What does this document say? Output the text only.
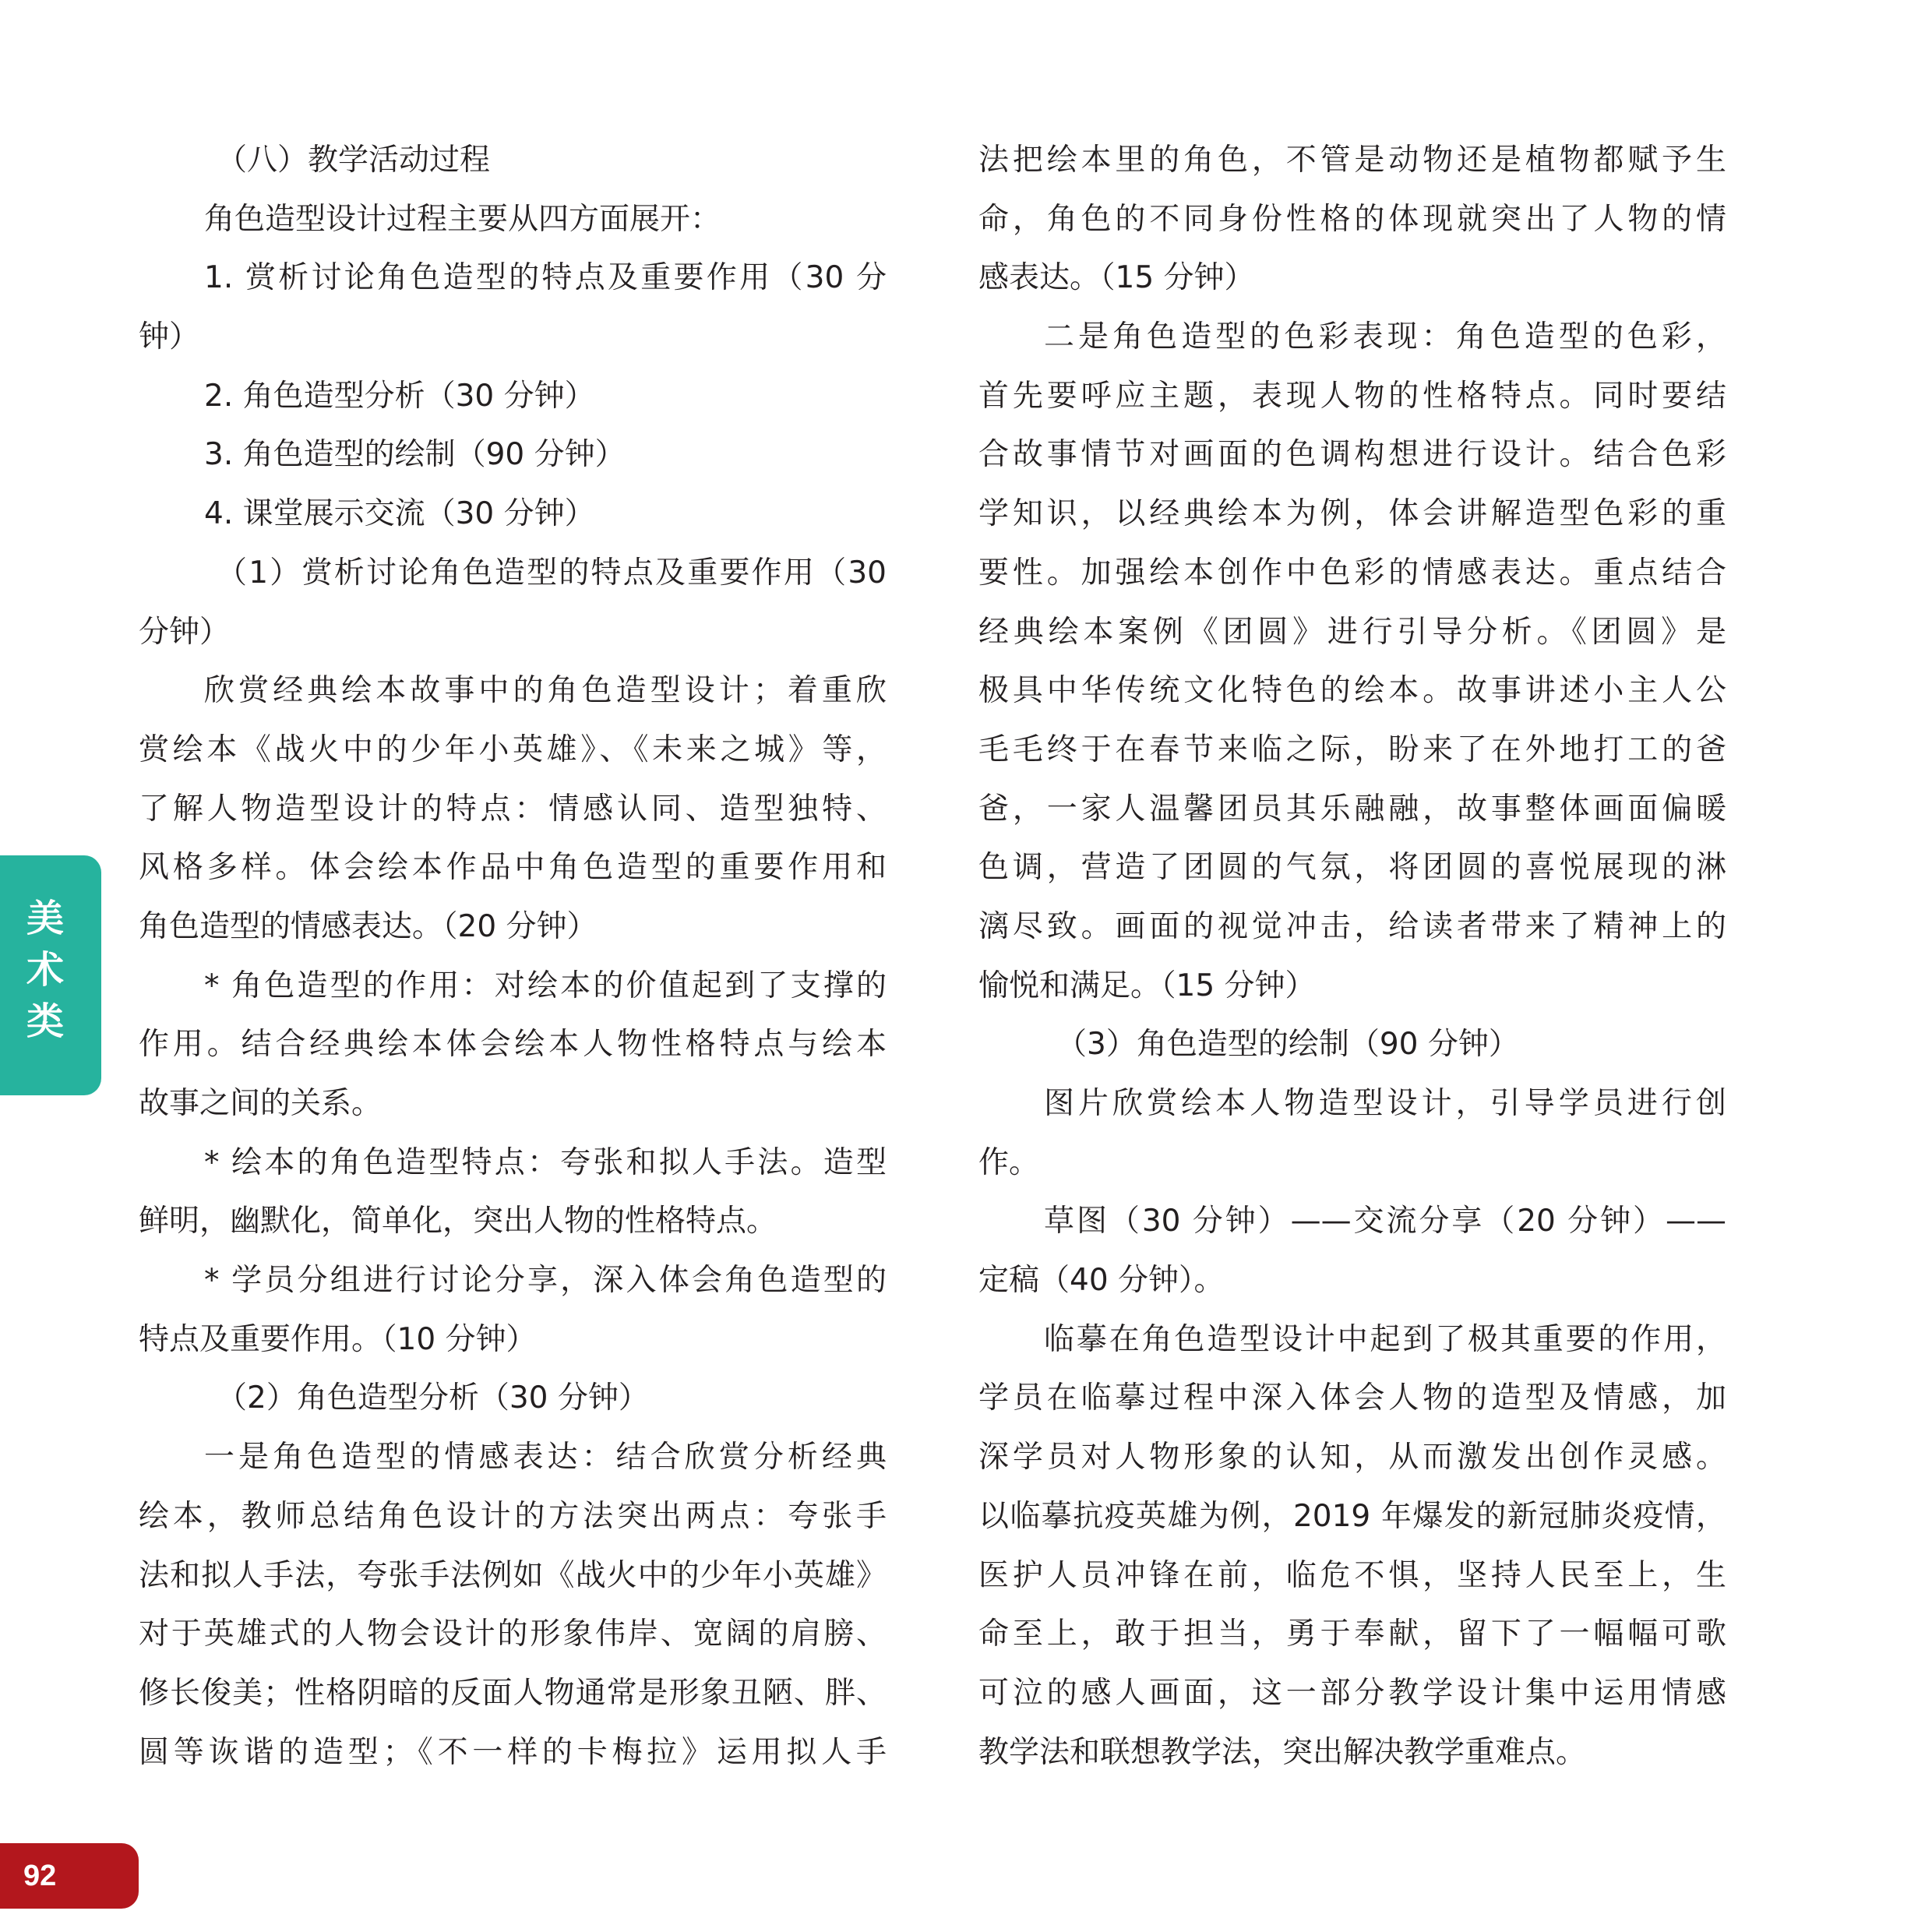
（八）教学活动过程
角色造型设计过程主要从四方面展开：
1. 赏析讨论角色造型的特点及重要作用（30 分
钟）
2. 角色造型分析（30 分钟）
3. 角色造型的绘制（90 分钟）
4. 课堂展示交流（30 分钟）
（1）赏析讨论角色造型的特点及重要作用（30
分钟）
欣赏经典绘本故事中的角色造型设计；着重欣
赏绘本《战火中的少年小英雄》、《未来之城》等，
了解人物造型设计的特点：情感认同、造型独特、
风格多样。体会绘本作品中角色造型的重要作用和
角色造型的情感表达。（20 分钟）
* 角色造型的作用：对绘本的价值起到了支撑的
作用。结合经典绘本体会绘本人物性格特点与绘本
故事之间的关系。
* 绘本的角色造型特点：夸张和拟人手法。造型
鲜明，幽默化，简单化，突出人物的性格特点。
* 学员分组进行讨论分享，深入体会角色造型的
特点及重要作用。（10 分钟）
（2）角色造型分析（30 分钟）
一是角色造型的情感表达：结合欣赏分析经典
绘本，教师总结角色设计的方法突出两点：夸张手
法和拟人手法，夸张手法例如《战火中的少年小英雄》
对于英雄式的人物会设计的形象伟岸、宽阔的肩膀、
修长俊美；性格阴暗的反面人物通常是形象丑陋、胖、
圆等诙谐的造型；《不一样的卡梅拉》运用拟人手
法把绘本里的角色，不管是动物还是植物都赋予生
命，角色的不同身份性格的体现就突出了人物的情
感表达。（15 分钟）
二是角色造型的色彩表现：角色造型的色彩，
首先要呼应主题，表现人物的性格特点。同时要结
合故事情节对画面的色调构想进行设计。结合色彩
学知识，以经典绘本为例，体会讲解造型色彩的重
要性。加强绘本创作中色彩的情感表达。重点结合
经典绘本案例《团圆》进行引导分析。《团圆》是
极具中华传统文化特色的绘本。故事讲述小主人公
毛毛终于在春节来临之际，盼来了在外地打工的爸
爸，一家人温馨团员其乐融融，故事整体画面偏暖
色调，营造了团圆的气氛，将团圆的喜悦展现的淋
漓尽致。画面的视觉冲击，给读者带来了精神上的
愉悦和满足。（15 分钟）
（3）角色造型的绘制（90 分钟）
图片欣赏绘本人物造型设计，引导学员进行创
作。
草图（30 分钟）——交流分享（20 分钟）——
定稿（40 分钟）。
临摹在角色造型设计中起到了极其重要的作用，
学员在临摹过程中深入体会人物的造型及情感，加
深学员对人物形象的认知，从而激发出创作灵感。
以临摹抗疫英雄为例，2019 年爆发的新冠肺炎疫情，
医护人员冲锋在前，临危不惧，坚持人民至上，生
命至上，敢于担当，勇于奉献，留下了一幅幅可歌
可泣的感人画面，这一部分教学设计集中运用情感
教学法和联想教学法，突出解决教学重难点。
美术类
92
